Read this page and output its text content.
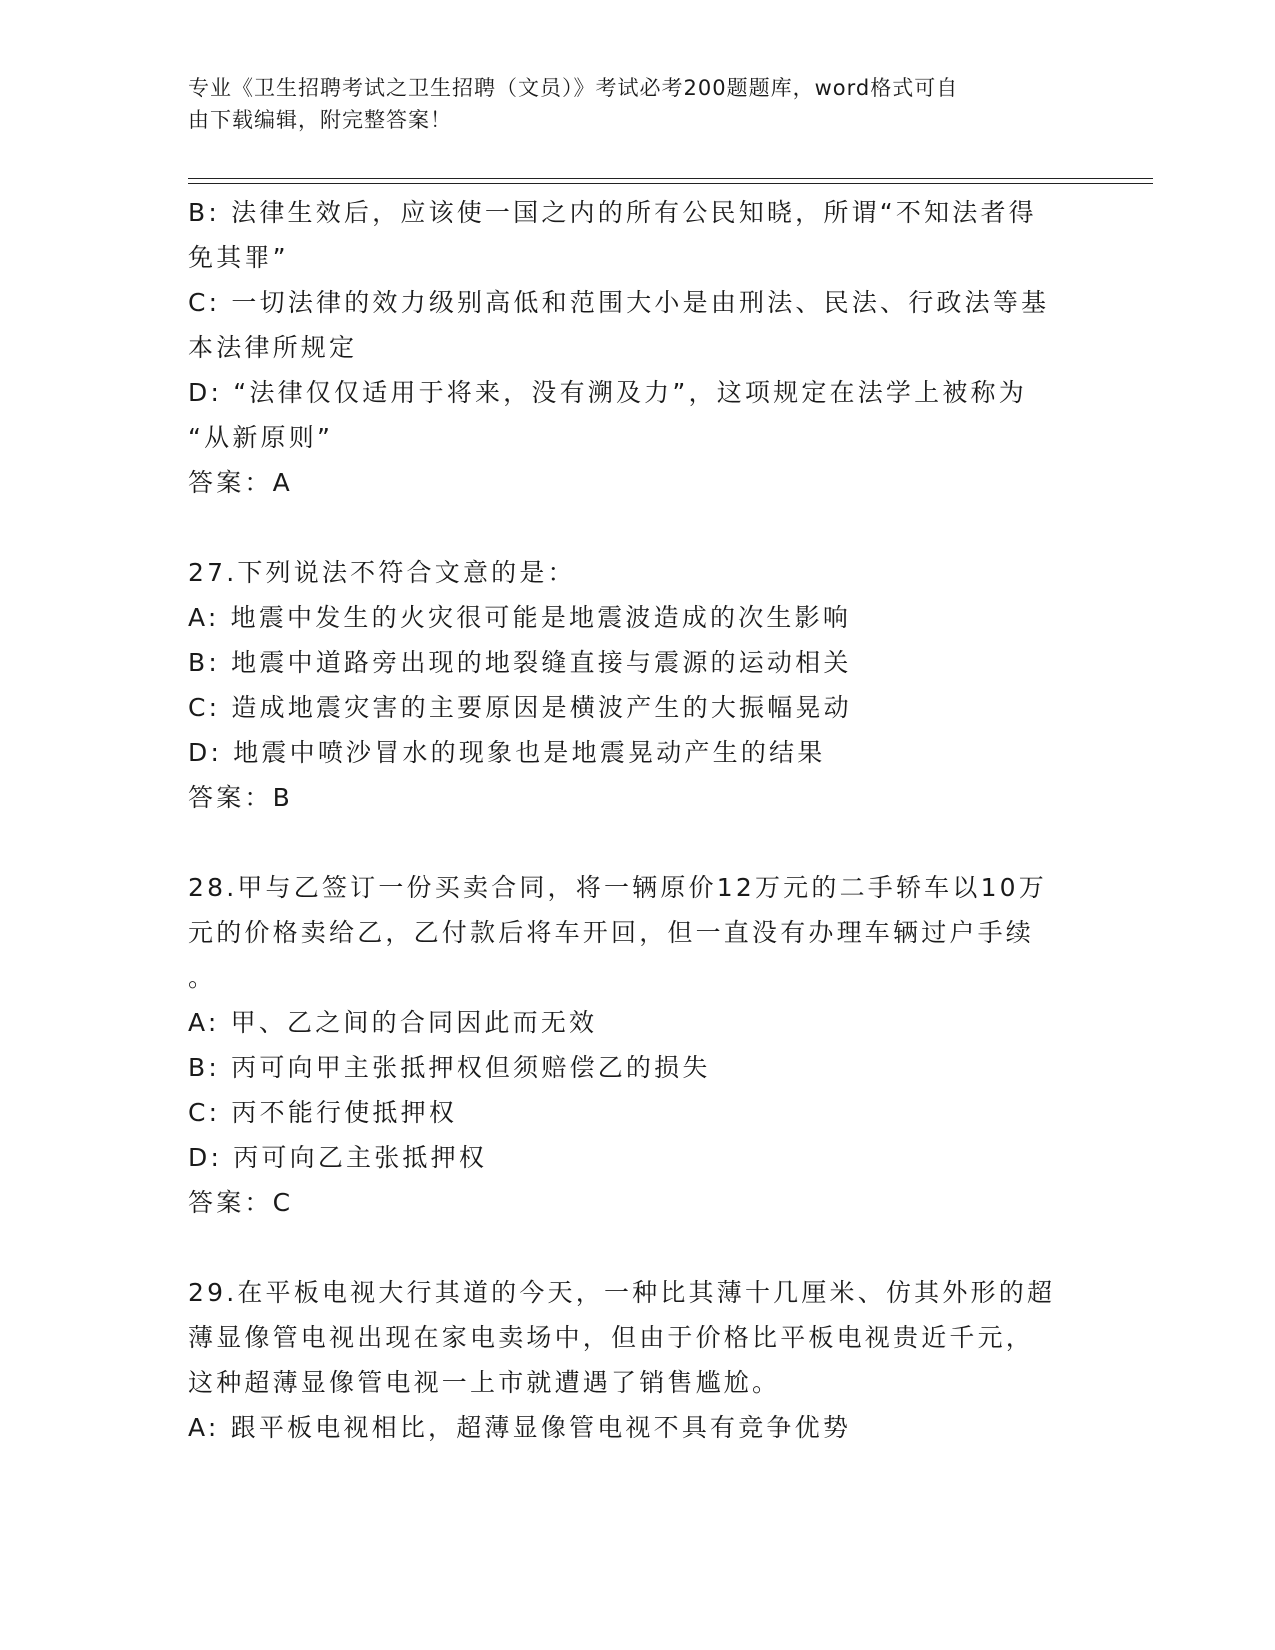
专业《卫生招聘考试之卫生招聘（文员）》考试必考200题题库，word格式可自
由下载编辑，附完整答案！
B: 法律生效后，应该使一国之内的所有公民知晓，所谓“不知法者得
免其罪”
C: 一切法律的效力级别高低和范围大小是由刑法、民法、行政法等基
本法律所规定
D: “法律仅仅适用于将来，没有溯及力”，这项规定在法学上被称为
“从新原则”
答案：A
27.下列说法不符合文意的是：
A: 地震中发生的火灾很可能是地震波造成的次生影响
B: 地震中道路旁出现的地裂缝直接与震源的运动相关
C: 造成地震灾害的主要原因是横波产生的大振幅晃动
D: 地震中喷沙冒水的现象也是地震晃动产生的结果
答案：B
28.甲与乙签订一份买卖合同，将一辆原价12万元的二手轿车以10万
元的价格卖给乙，乙付款后将车开回，但一直没有办理车辆过户手续
。
A: 甲、乙之间的合同因此而无效
B: 丙可向甲主张抵押权但须赔偿乙的损失
C: 丙不能行使抵押权
D: 丙可向乙主张抵押权
答案：C
29.在平板电视大行其道的今天，一种比其薄十几厘米、仿其外形的超
薄显像管电视出现在家电卖场中，但由于价格比平板电视贵近千元，
这种超薄显像管电视一上市就遭遇了销售尴尬。
A: 跟平板电视相比，超薄显像管电视不具有竞争优势
